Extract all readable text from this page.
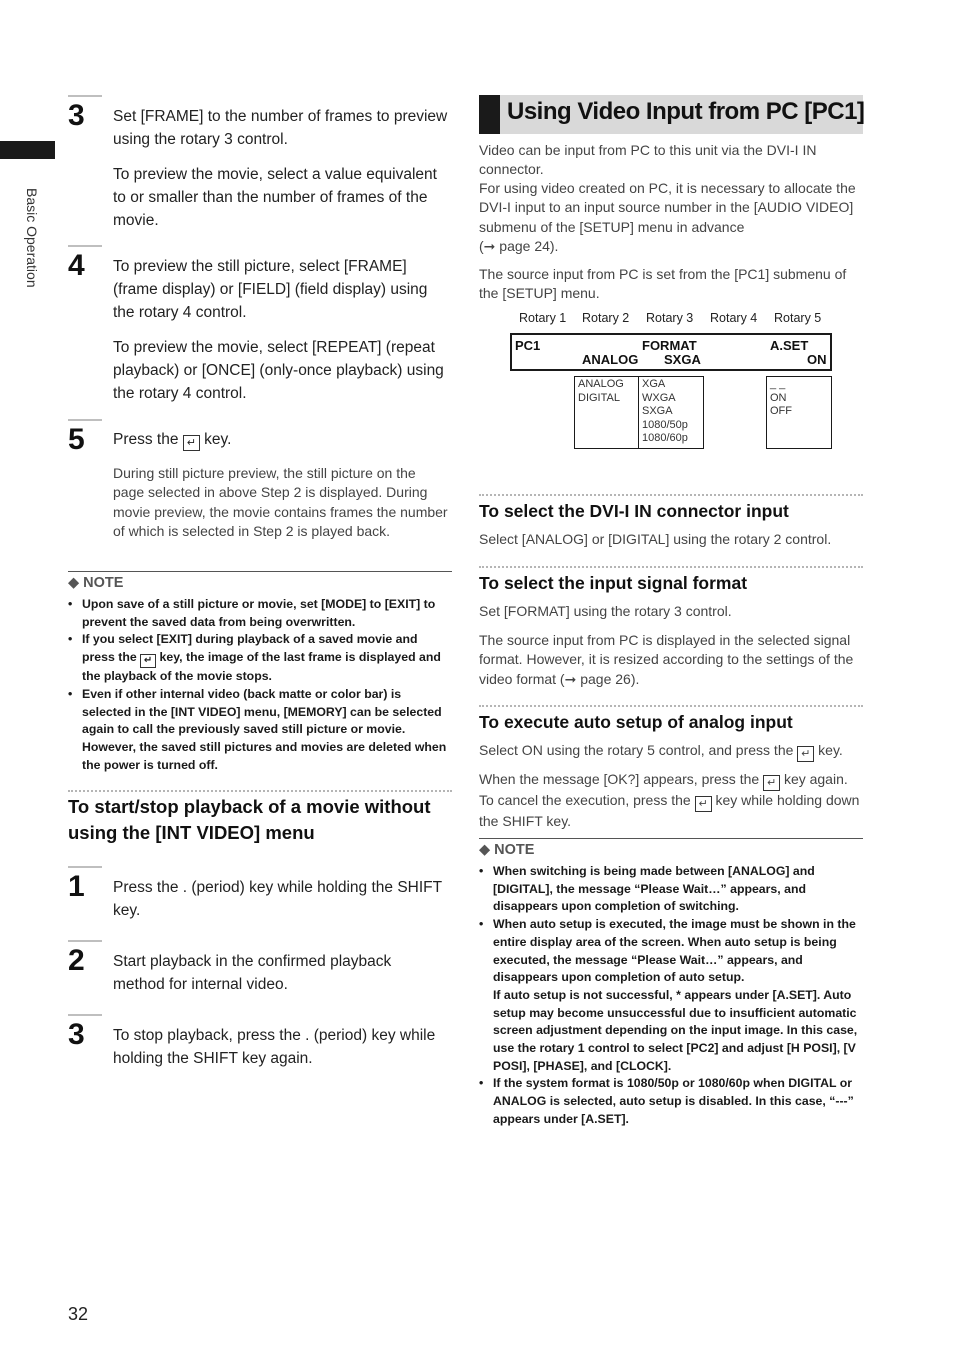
Basic Operation
32
3 Set [FRAME] to the number of frames to preview using the rotary 3 control.
To preview the movie, select a value equivalent to or smaller than the number of frames of the movie.
4 To preview the still picture, select [FRAME] (frame display) or [FIELD] (field display) using the rotary 4 control.
To preview the movie, select [REPEAT] (repeat playback) or [ONCE] (only-once playback) using the rotary 4 control.
5 Press the ↵ key.
During still picture preview, the still picture on the page selected in above Step 2 is displayed. During movie preview, the movie contains frames the number of which is selected in Step 2 is played back.
◆ NOTE
• Upon save of a still picture or movie, set [MODE] to [EXIT] to prevent the saved data from being overwritten.
• If you select [EXIT] during playback of a saved movie and press the ↵ key, the image of the last frame is displayed and the playback of the movie stops.
• Even if other internal video (back matte or color bar) is selected in the [INT VIDEO] menu, [MEMORY] can be selected again to call the previously saved still picture or movie. However, the saved still pictures and movies are deleted when the power is turned off.
To start/stop playback of a movie without using the [INT VIDEO] menu
1 Press the . (period) key while holding the SHIFT key.
2 Start playback in the confirmed playback method for internal video.
3 To stop playback, press the . (period) key while holding the SHIFT key again.
Using Video Input from PC [PC1]
Video can be input from PC to this unit via the DVI-I IN connector.
For using video created on PC, it is necessary to allocate the DVI-I input to an input source number in the [AUDIO VIDEO] submenu of the [SETUP] menu in advance
(➞ page 24).
The source input from PC is set from the [PC1] submenu of the [SETUP] menu.
Rotary 1 Rotary 2 Rotary 3 Rotary 4 Rotary 5
PC1
ANALOG
FORMAT
SXGA
A.SET
ON
ANALOG
DIGITAL
XGA
WXGA
SXGA
1080/50p
1080/60p
_ _
ON
OFF
To select the DVI-I IN connector input
Select [ANALOG] or [DIGITAL] using the rotary 2 control.
To select the input signal format
Set [FORMAT] using the rotary 3 control.
The source input from PC is displayed in the selected signal format. However, it is resized according to the settings of the video format (➞ page 26).
To execute auto setup of analog input
Select ON using the rotary 5 control, and press the ↵ key.
When the message [OK?] appears, press the ↵ key again.
To cancel the execution, press the ↵ key while holding down the SHIFT key.
◆ NOTE
• When switching is being made between [ANALOG] and [DIGITAL], the message “Please Wait…” appears, and disappears upon completion of switching.
• When auto setup is executed, the image must be shown in the entire display area of the screen. When auto setup is being executed, the message “Please Wait…” appears, and disappears upon completion of auto setup.
If auto setup is not successful, * appears under [A.SET]. Auto setup may become unsuccessful due to insufficient automatic screen adjustment depending on the input image. In this case, use the rotary 1 control to select [PC2] and adjust [H POSI], [V POSI], [PHASE], and [CLOCK].
• If the system format is 1080/50p or 1080/60p when DIGITAL or ANALOG is selected, auto setup is disabled. In this case, “---” appears under [A.SET].
